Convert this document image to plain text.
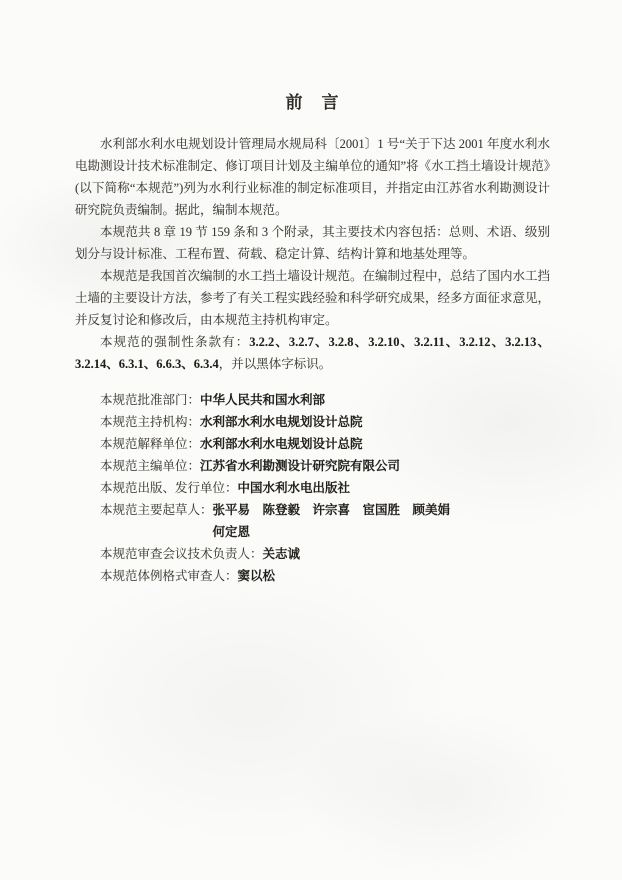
前　言

水利部水利水电规划设计管理局水规局科〔2001〕1 号“关于下达 2001 年度水利水电勘测设计技术标准制定、修订项目计划及主编单位的通知”将《水工挡土墙设计规范》(以下简称“本规范”)列为水利行业标准的制定标准项目，并指定由江苏省水利勘测设计研究院负责编制。据此，编制本规范。

本规范共 8 章 19 节 159 条和 3 个附录，其主要技术内容包括：总则、术语、级别划分与设计标准、工程布置、荷载、稳定计算、结构计算和地基处理等。

本规范是我国首次编制的水工挡土墙设计规范。在编制过程中，总结了国内水工挡土墙的主要设计方法，参考了有关工程实践经验和科学研究成果，经多方面征求意见，并反复讨论和修改后，由本规范主持机构审定。

本规范的强制性条款有：3.2.2、3.2.7、3.2.8、3.2.10、3.2.11、3.2.12、3.2.13、3.2.14、6.3.1、6.6.3、6.3.4，并以黑体字标识。

本规范批准部门： 中华人民共和国水利部
本规范主持机构： 水利部水利水电规划设计总院
本规范解释单位： 水利部水利水电规划设计总院
本规范主编单位： 江苏省水利勘测设计研究院有限公司
本规范出版、发行单位： 中国水利水电出版社
本规范主要起草人： 张平易　陈登毅　许宗喜　宦国胜　顾美娟
何定恩
本规范审查会议技术负责人： 关志诚
本规范体例格式审查人： 窦以松
